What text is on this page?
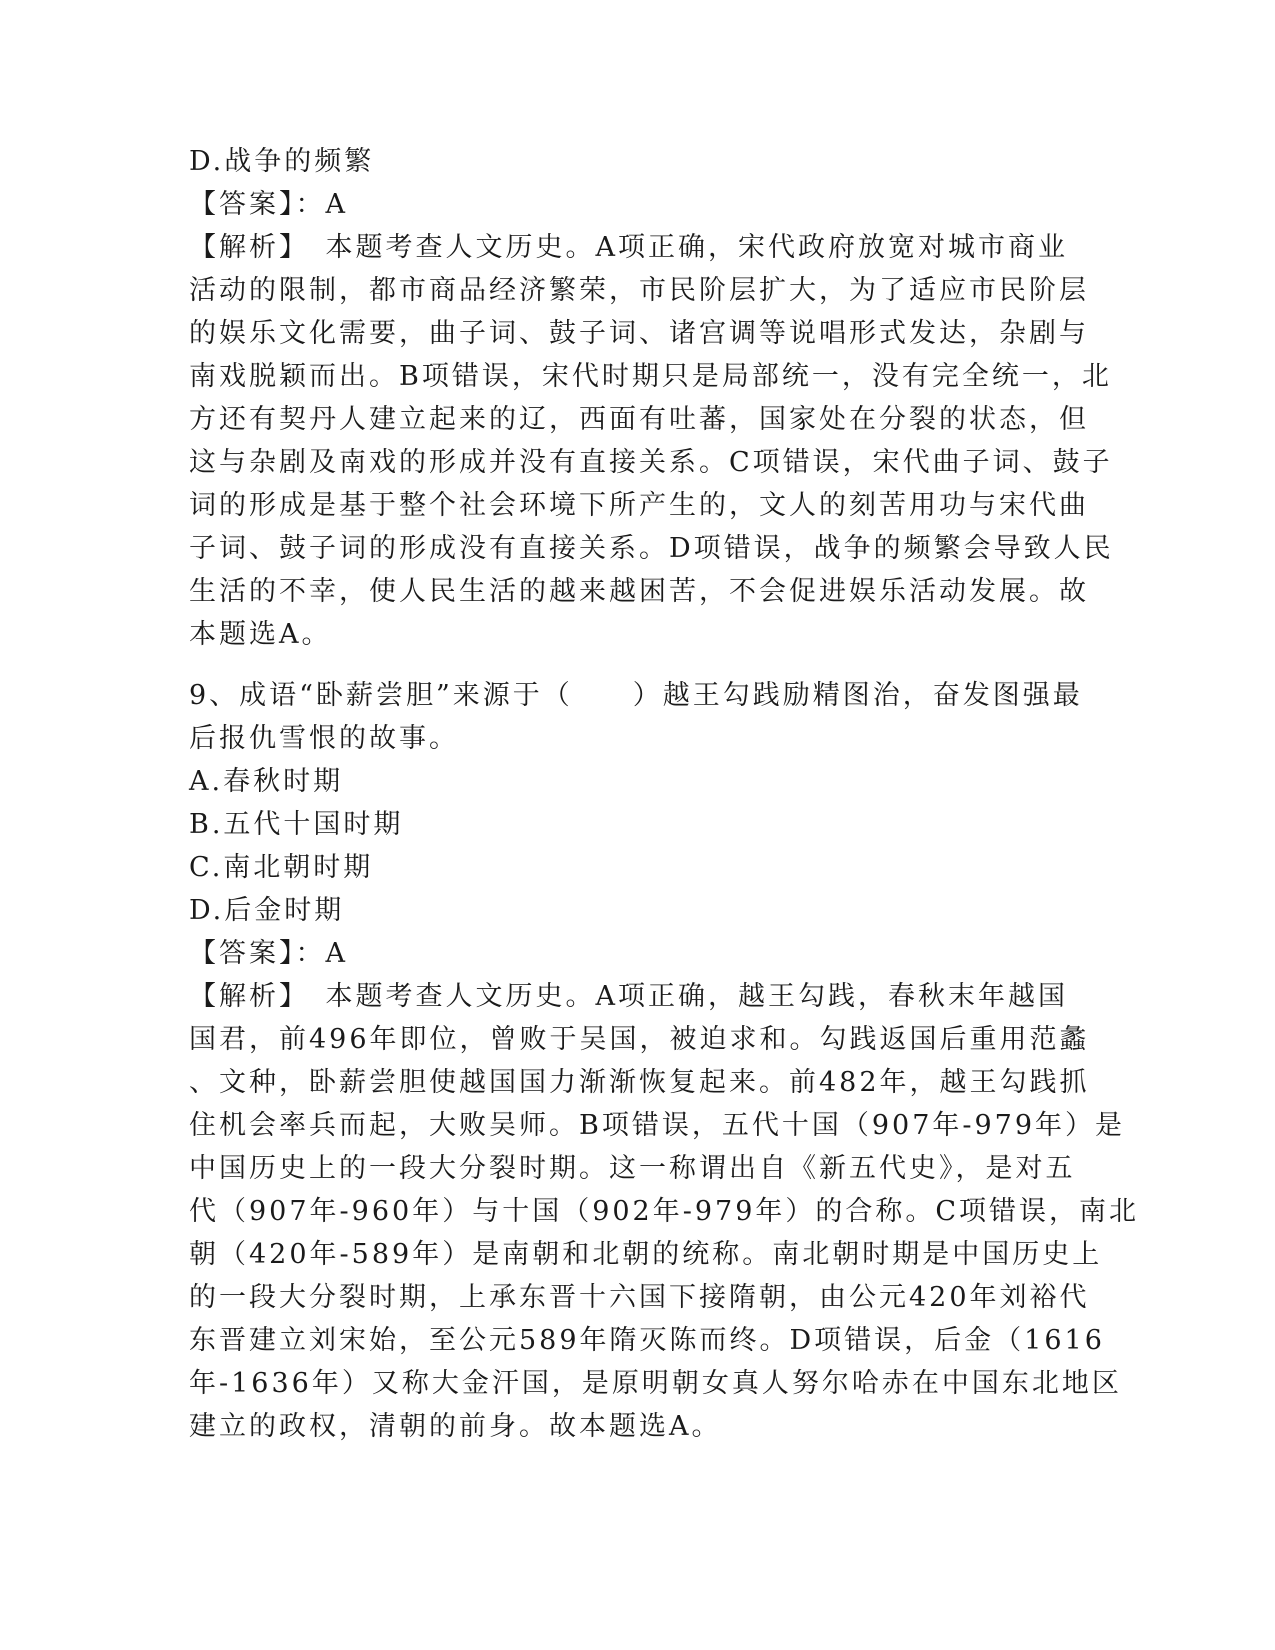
D.战争的频繁
【答案】：A
【解析】　本题考查人文历史。A项正确，宋代政府放宽对城市商业
活动的限制，都市商品经济繁荣，市民阶层扩大，为了适应市民阶层
的娱乐文化需要，曲子词、鼓子词、诸宫调等说唱形式发达，杂剧与
南戏脱颖而出。B项错误，宋代时期只是局部统一，没有完全统一，北
方还有契丹人建立起来的辽，西面有吐蕃，国家处在分裂的状态，但
这与杂剧及南戏的形成并没有直接关系。C项错误，宋代曲子词、鼓子
词的形成是基于整个社会环境下所产生的，文人的刻苦用功与宋代曲
子词、鼓子词的形成没有直接关系。D项错误，战争的频繁会导致人民
生活的不幸，使人民生活的越来越困苦，不会促进娱乐活动发展。故
本题选A。
9、成语“卧薪尝胆”来源于（　　）越王勾践励精图治，奋发图强最
后报仇雪恨的故事。
A.春秋时期
B.五代十国时期
C.南北朝时期
D.后金时期
【答案】：A
【解析】　本题考查人文历史。A项正确，越王勾践，春秋末年越国
国君，前496年即位，曾败于吴国，被迫求和。勾践返国后重用范蠡
、文种，卧薪尝胆使越国国力渐渐恢复起来。前482年，越王勾践抓
住机会率兵而起，大败吴师。B项错误，五代十国（907年-979年）是
中国历史上的一段大分裂时期。这一称谓出自《新五代史》，是对五
代（907年-960年）与十国（902年-979年）的合称。C项错误，南北
朝（420年-589年）是南朝和北朝的统称。南北朝时期是中国历史上
的一段大分裂时期，上承东晋十六国下接隋朝，由公元420年刘裕代
东晋建立刘宋始，至公元589年隋灭陈而终。D项错误，后金（1616
年-1636年）又称大金汗国，是原明朝女真人努尔哈赤在中国东北地区
建立的政权，清朝的前身。故本题选A。
